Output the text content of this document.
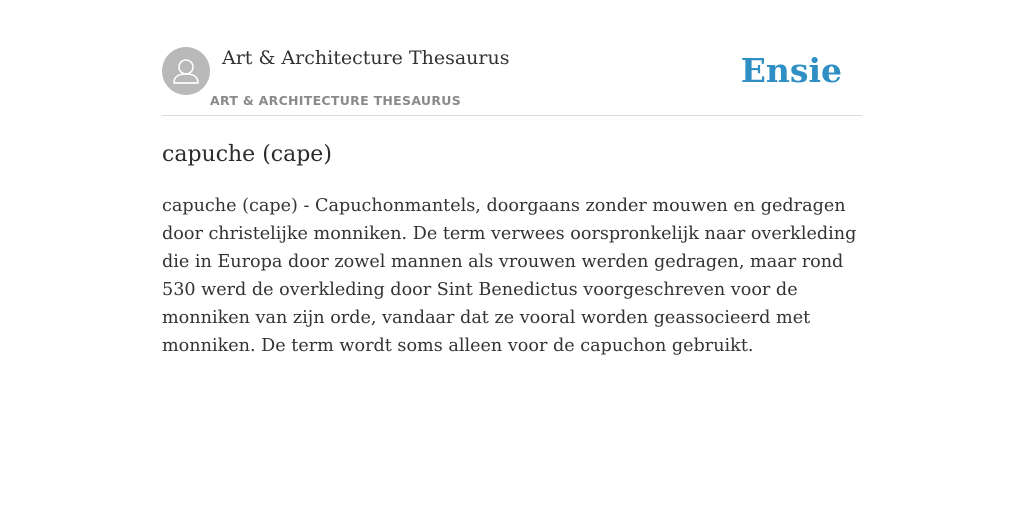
Art & Architecture Thesaurus
ART & ARCHITECTURE THESAURUS
Ensie
capuche (cape)

capuche (cape) - Capuchonmantels, doorgaans zonder mouwen en gedragen door christelijke monniken. De term verwees oorspronkelijk naar overkleding die in Europa door zowel mannen als vrouwen werden gedragen, maar rond 530 werd de overkleding door Sint Benedictus voorgeschreven voor de monniken van zijn orde, vandaar dat ze vooral worden geassocieerd met monniken. De term wordt soms alleen voor de capuchon gebruikt.
